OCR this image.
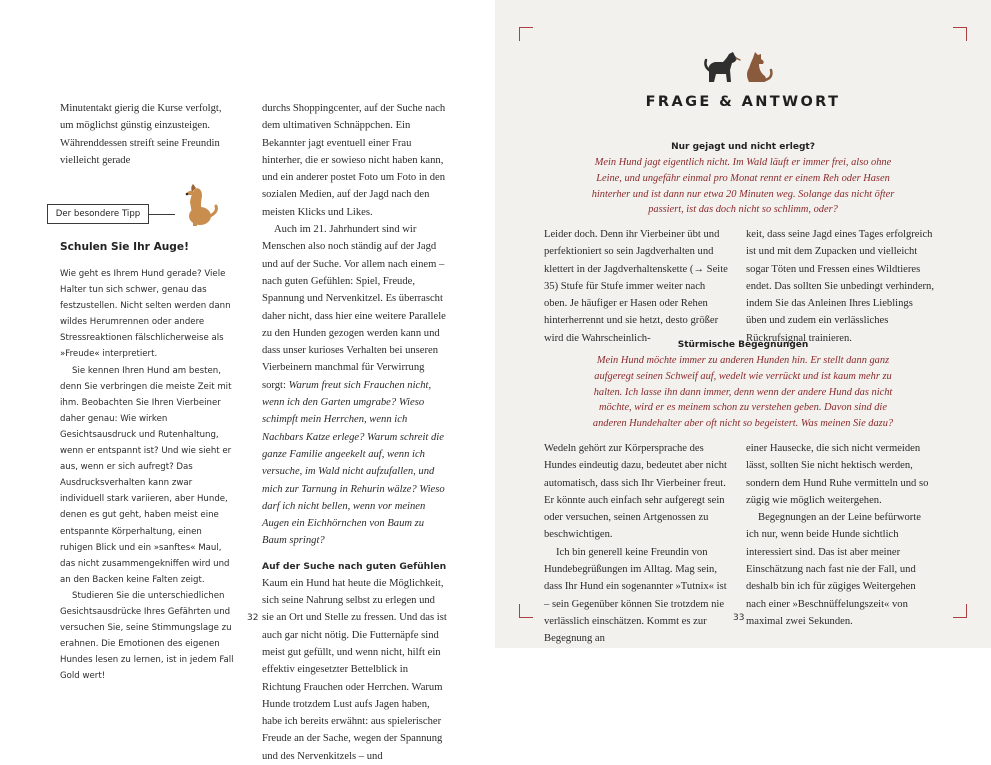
Minutentakt gierig die Kurse verfolgt, um möglichst günstig einzusteigen. Währenddessen streift seine Freundin vielleicht gerade

Der besondere Tipp
Schulen Sie Ihr Auge!

Wie geht es Ihrem Hund gerade? Viele Halter tun sich schwer, genau das festzustellen. Nicht selten werden dann wildes Herumrennen oder andere Stressreaktionen fälschlicherweise als »Freude« interpretiert.

Sie kennen Ihren Hund am besten, denn Sie verbringen die meiste Zeit mit ihm. Beobachten Sie Ihren Vierbeiner daher genau: Wie wirken Gesichtsausdruck und Rutenhaltung, wenn er entspannt ist? Und wie sieht er aus, wenn er sich aufregt? Das Ausdrucksverhalten kann zwar individuell stark variieren, aber Hunde, denen es gut geht, haben meist eine entspannte Körperhaltung, einen ruhigen Blick und ein »sanftes« Maul, das nicht zusammengekniffen wird und an den Backen keine Falten zeigt.

Studieren Sie die unterschiedlichen Gesichtsausdrücke Ihres Gefährten und versuchen Sie, seine Stimmungslage zu erahnen. Die Emotionen des eigenen Hundes lesen zu lernen, ist in jedem Fall Gold wert!

durchs Shoppingcenter, auf der Suche nach dem ultimativen Schnäppchen. Ein Bekannter jagt eventuell einer Frau hinterher, die er sowieso nicht haben kann, und ein anderer postet Foto um Foto in den sozialen Medien, auf der Jagd nach den meisten Klicks und Likes.

Auch im 21. Jahrhundert sind wir Menschen also noch ständig auf der Jagd und auf der Suche. Vor allem nach einem – nach guten Gefühlen: Spiel, Freude, Spannung und Nervenkitzel. Es überrascht daher nicht, dass hier eine weitere Parallele zu den Hunden gezogen werden kann und dass unser kurioses Verhalten bei unseren Vierbeinern manchmal für Verwirrung sorgt: Warum freut sich Frauchen nicht, wenn ich den Garten umgrabe? Wieso schimpft mein Herrchen, wenn ich Nachbars Katze erlege? Warum schreit die ganze Familie angeekelt auf, wenn ich versuche, im Wald nicht aufzufallen, und mich zur Tarnung in Rehurin wälze? Wieso darf ich nicht bellen, wenn vor meinen Augen ein Eichhörnchen von Baum zu Baum springt?

Auf der Suche nach guten Gefühlen

Kaum ein Hund hat heute die Möglichkeit, sich seine Nahrung selbst zu erlegen und sie an Ort und Stelle zu fressen. Und das ist auch gar nicht nötig. Die Futternäpfe sind meist gut gefüllt, und wenn nicht, hilft ein effektiv eingesetzter Bettelblick in Richtung Frauchen oder Herrchen. Warum Hunde trotzdem Lust aufs Jagen haben, habe ich bereits erwähnt: aus spielerischer Freude an der Sache, wegen der Spannung und des Nervenkitzels – und

32
FRAGE & ANTWORT
Nur gejagt und nicht erlegt?
Mein Hund jagt eigentlich nicht. Im Wald läuft er immer frei, also ohne Leine, und ungefähr einmal pro Monat rennt er einem Reh oder Hasen hinterher und ist dann nur etwa 20 Minuten weg. Solange das nicht öfter passiert, ist das doch nicht so schlimm, oder?

Leider doch. Denn ihr Vierbeiner übt und perfektioniert so sein Jagdverhalten und klettert in der Jagdverhaltenskette (→ Seite 35) Stufe für Stufe immer weiter nach oben. Je häufiger er Hasen oder Rehen hinterherrennt und sie hetzt, desto größer wird die Wahrscheinlich-

keit, dass seine Jagd eines Tages erfolgreich ist und mit dem Zupacken und vielleicht sogar Töten und Fressen eines Wildtieres endet. Das sollten Sie unbedingt verhindern, indem Sie das Anleinen Ihres Lieblings üben und zudem ein verlässliches Rückrufsignal trainieren.

Stürmische Begegnungen
Mein Hund möchte immer zu anderen Hunden hin. Er stellt dann ganz aufgeregt seinen Schweif auf, wedelt wie verrückt und ist kaum mehr zu halten. Ich lasse ihn dann immer, denn wenn der andere Hund das nicht möchte, wird er es meinem schon zu verstehen geben. Davon sind die anderen Hundehalter aber oft nicht so begeistert. Was meinen Sie dazu?

Wedeln gehört zur Körpersprache des Hundes eindeutig dazu, bedeutet aber nicht automatisch, dass sich Ihr Vierbeiner freut. Er könnte auch einfach sehr aufgeregt sein oder versuchen, seinen Artgenossen zu beschwichtigen.

Ich bin generell keine Freundin von Hundebegrüßungen im Alltag. Mag sein, dass Ihr Hund ein sogenannter »Tutnix« ist – sein Gegenüber können Sie trotzdem nie verlässlich einschätzen. Kommt es zur Begegnung an

einer Hausecke, die sich nicht vermeiden lässt, sollten Sie nicht hektisch werden, sondern dem Hund Ruhe vermitteln und so zügig wie möglich weitergehen.

Begegnungen an der Leine befürworte ich nur, wenn beide Hunde sichtlich interessiert sind. Das ist aber meiner Einschätzung nach fast nie der Fall, und deshalb bin ich für zügiges Weitergehen nach einer »Beschnüffelungszeit« von maximal zwei Sekunden.

33
